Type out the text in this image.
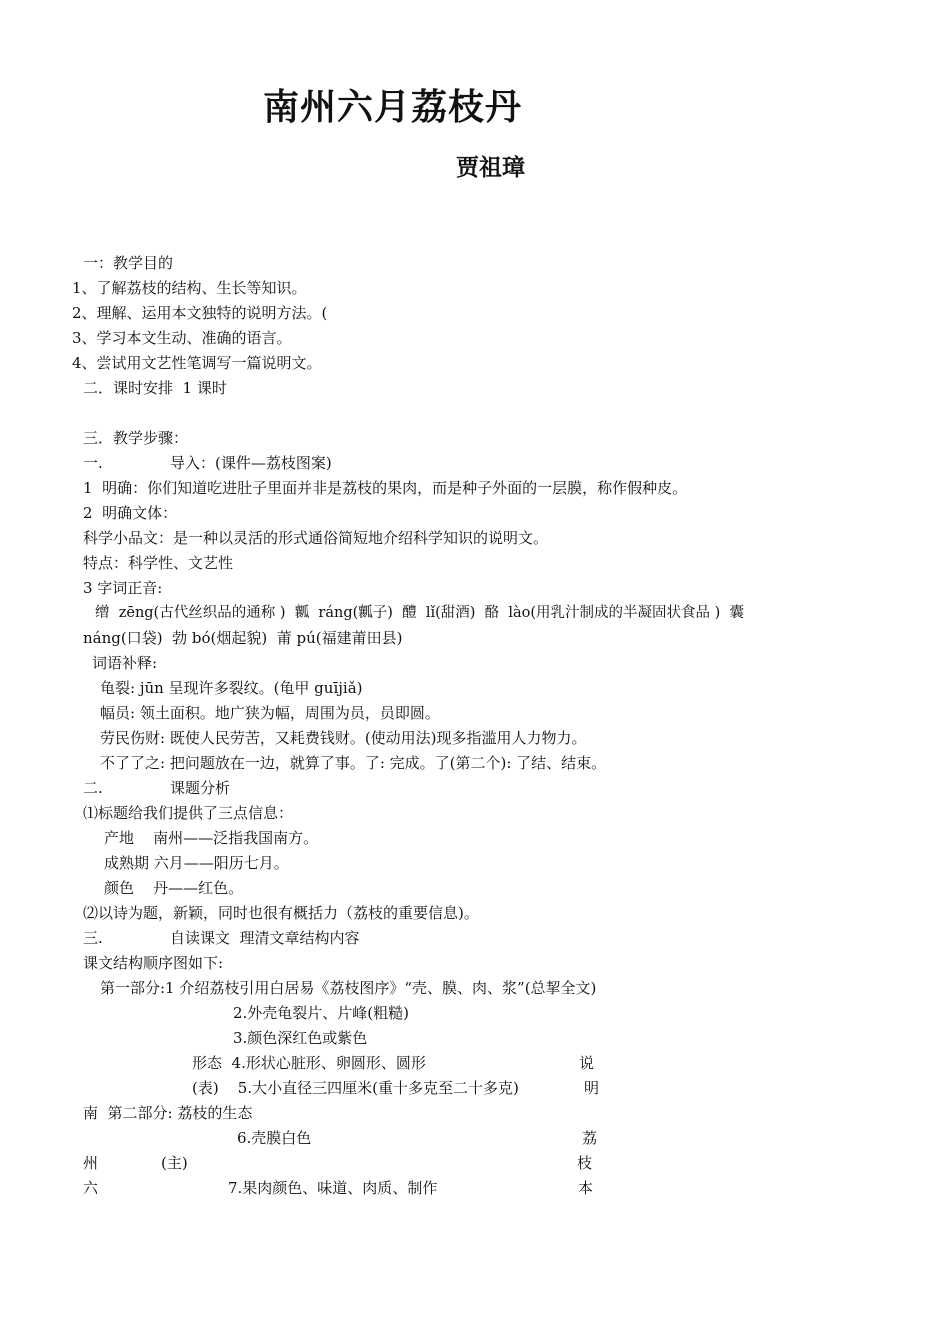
南州六月荔枝丹
贾祖璋
一：教学目的
1、了解荔枝的结构、生长等知识。
2、理解、运用本文独特的说明方法。(
3、学习本文生动、准确的语言。
4、尝试用文艺性笔调写一篇说明文。
二．课时安排  1 课时
三．教学步骤：
一.	导入：(课件—荔枝图案)
1  明确：你们知道吃进肚子里面并非是荔枝的果肉，而是种子外面的一层膜，称作假种皮。
2  明确文体：
科学小品文：是一种以灵活的形式通俗简短地介绍科学知识的说明文。
特点：科学性、文艺性
3 字词正音:
缯  zēng(古代丝织品的通称 )  瓤  ráng(瓤子)  醴  lǐ(甜酒)  酪  lào(用乳汁制成的半凝固状食品 )  囊
náng(口袋)  勃 bó(烟起貌)  莆 pú(福建莆田县)
词语补释:
龟裂: jūn 呈现许多裂纹。(龟甲 guījiǎ)
幅员: 领土面积。地广狭为幅，周围为员，员即圆。
劳民伤财: 既使人民劳苦，又耗费钱财。(使动用法)现多指滥用人力物力。
不了了之: 把问题放在一边，就算了事。了: 完成。了(第二个): 了结、结束。
二.	课题分析
⑴标题给我们提供了三点信息：
产地    南州——泛指我国南方。
成熟期 六月——阳历七月。
颜色    丹——红色。
⑵以诗为题，新颖，同时也很有概括力（荔枝的重要信息)。
三.	自读课文  理清文章结构内容
课文结构顺序图如下:
第一部分:1 介绍荔枝引用白居易《荔枝图序》“壳、膜、肉、浆”(总挈全文)
2.外壳龟裂片、片峰(粗糙)
3.颜色深红色或紫色
形态  4.形状心脏形、卵圆形、圆形	说
(表)    5.大小直径三四厘米(重十多克至二十多克)	明
南  第二部分: 荔枝的生态
6.壳膜白色	荔
州	(主)	枝
六	7.果肉颜色、味道、肉质、制作	本
